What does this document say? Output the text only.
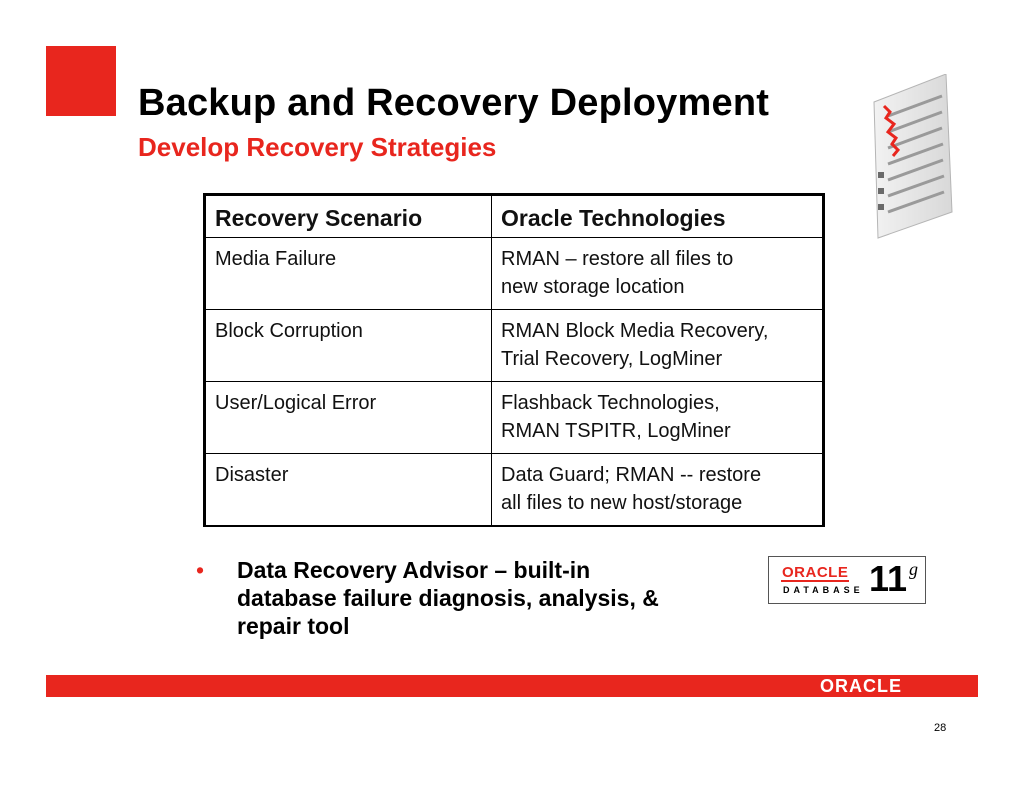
Backup and Recovery Deployment
Develop Recovery Strategies
Recovery Scenario	Oracle Technologies
Media Failure	RMAN – restore all files to
new storage location
Block Corruption	RMAN Block Media Recovery,
Trial Recovery, LogMiner
User/Logical Error	Flashback Technologies,
RMAN TSPITR, LogMiner
Disaster	Data Guard; RMAN -- restore
all files to new host/storage
• Data Recovery Advisor – built-in
database failure diagnosis, analysis, &
repair tool
ORACLE
DATABASE 11 g
ORACLE
28
